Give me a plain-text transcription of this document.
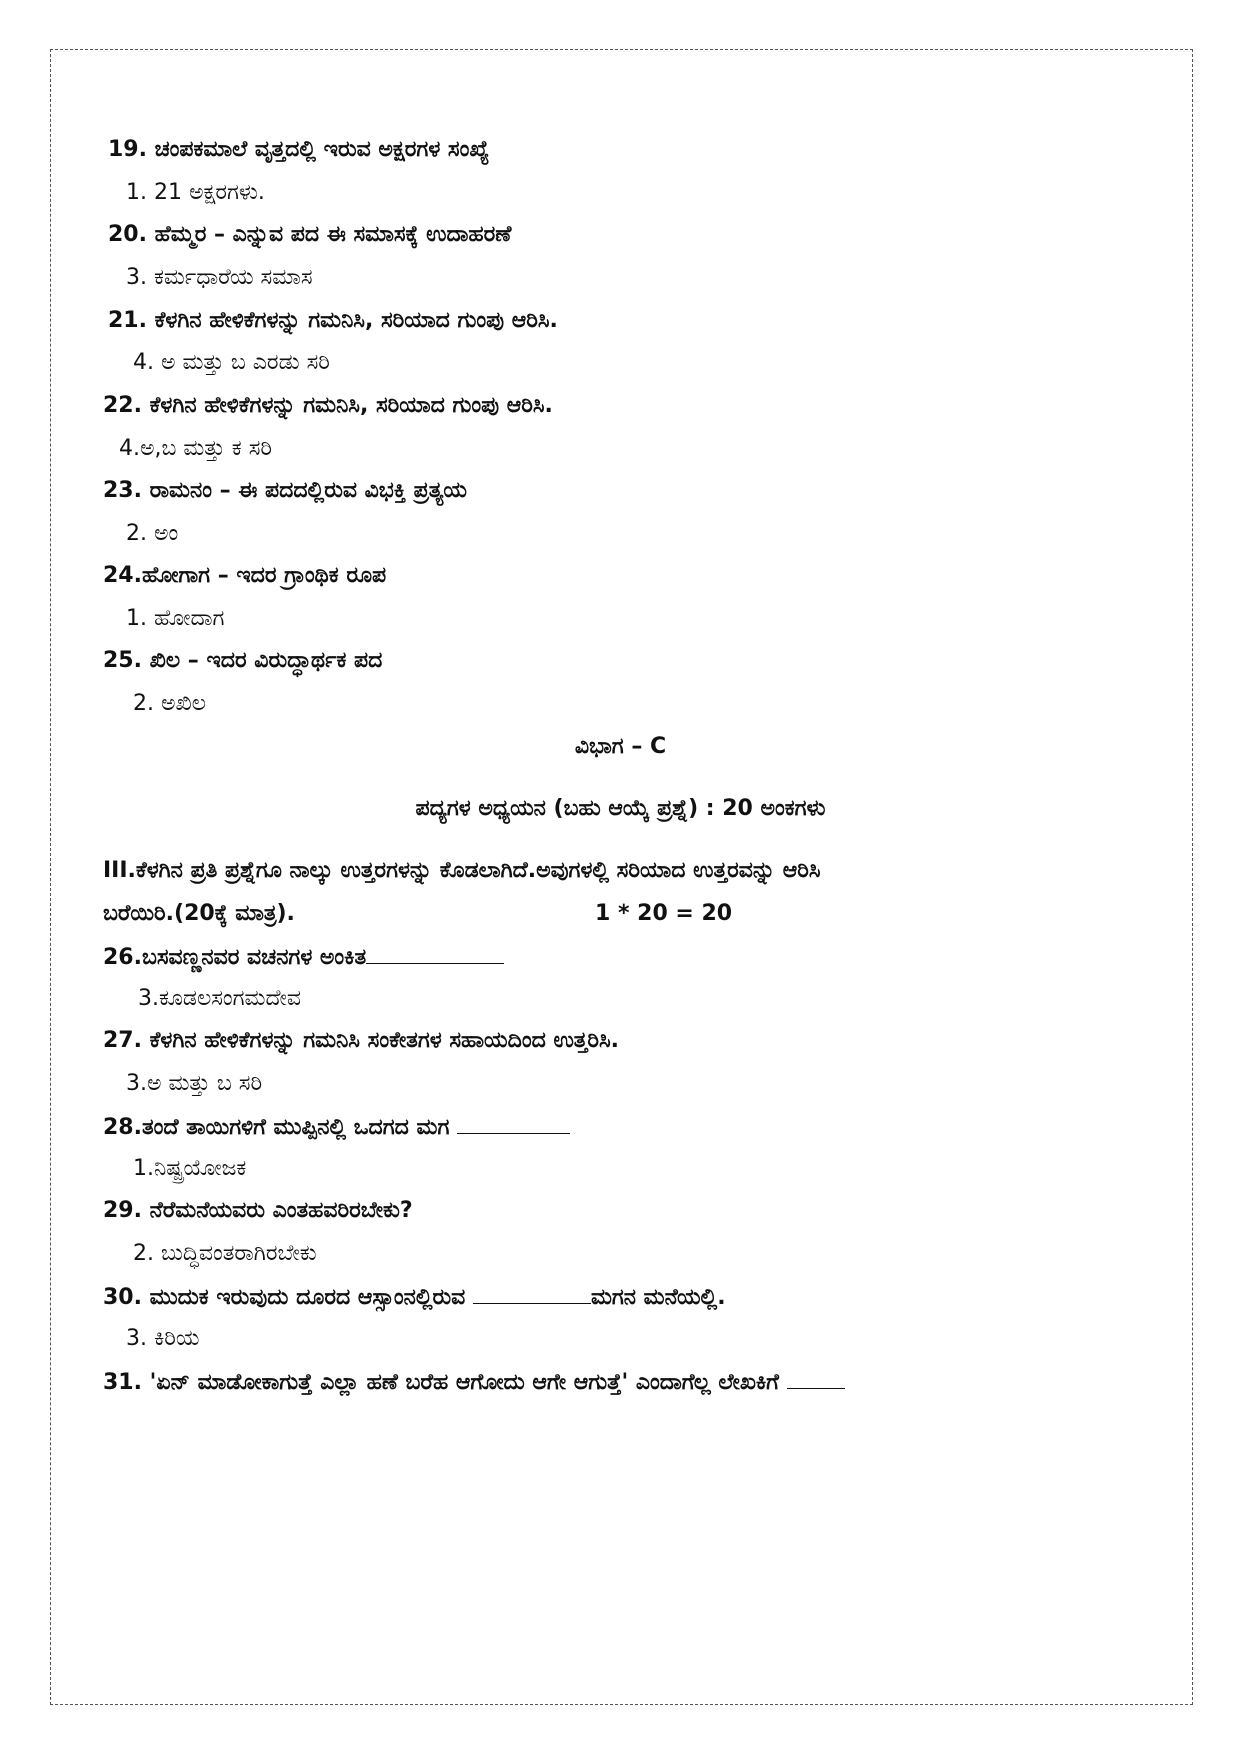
19. ಚಂಪಕಮಾಲೆ ವೃತ್ತದಲ್ಲಿ ಇರುವ ಅಕ್ಷರಗಳ ಸಂಖ್ಯೆ
1. 21 ಅಕ್ಷರಗಳು.
20. ಹೆಮ್ಮರ – ಎನ್ನುವ ಪದ ಈ ಸಮಾಸಕ್ಕೆ ಉದಾಹರಣೆ
3. ಕರ್ಮಧಾರೆಯ ಸಮಾಸ
21. ಕೆಳಗಿನ ಹೇಳಿಕೆಗಳನ್ನು ಗಮನಿಸಿ, ಸರಿಯಾದ ಗುಂಪು ಆರಿಸಿ.
4. ಅ ಮತ್ತು ಬ ಎರಡು ಸರಿ
22. ಕೆಳಗಿನ ಹೇಳಿಕೆಗಳನ್ನು ಗಮನಿಸಿ, ಸರಿಯಾದ ಗುಂಪು ಆರಿಸಿ.
4.ಅ,ಬ ಮತ್ತು ಕ ಸರಿ
23. ರಾಮನಂ – ಈ ಪದದಲ್ಲಿರುವ ವಿಭಕ್ತಿ ಪ್ರತ್ಯಯ
2. ಅಂ
24.ಹೋಗಾಗ – ಇದರ ಗ್ರಾಂಥಿಕ ರೂಪ
1. ಹೋದಾಗ
25. ಖಿಲ – ಇದರ ವಿರುದ್ಧಾರ್ಥಕ ಪದ
2. ಅಖಿಲ
ವಿಭಾಗ – C
ಪದ್ಯಗಳ ಅಧ್ಯಯನ (ಬಹು ಆಯ್ಕೆ ಪ್ರಶ್ನೆ) : 20 ಅಂಕಗಳು
III.ಕೆಳಗಿನ ಪ್ರತಿ ಪ್ರಶ್ನೆಗೂ ನಾಲ್ಕು ಉತ್ತರಗಳನ್ನು ಕೊಡಲಾಗಿದೆ.ಅವುಗಳಲ್ಲಿ ಸರಿಯಾದ ಉತ್ತರವನ್ನು ಆರಿಸಿ
ಬರೆಯಿರಿ.(20ಕ್ಕೆ ಮಾತ್ರ).	1 * 20 = 20
26.ಬಸವಣ್ಣನವರ ವಚನಗಳ ಅಂಕಿತ
3.ಕೂಡಲಸಂಗಮದೇವ
27. ಕೆಳಗಿನ ಹೇಳಿಕೆಗಳನ್ನು ಗಮನಿಸಿ ಸಂಕೇತಗಳ ಸಹಾಯದಿಂದ ಉತ್ತರಿಸಿ.
3.ಅ ಮತ್ತು ಬ ಸರಿ
28.ತಂದೆ ತಾಯಿಗಳಿಗೆ ಮುಪ್ಪಿನಲ್ಲಿ ಒದಗದ ಮಗ
1.ನಿಷ್ಪ್ರಯೋಜಕ
29. ನೆರೆಮನೆಯವರು ಎಂತಹವರಿರಬೇಕು?
2. ಬುದ್ಧಿವಂತರಾಗಿರಬೇಕು
30. ಮುದುಕ ಇರುವುದು ದೂರದ ಆಸ್ಸಾಂನಲ್ಲಿರುವ	ಮಗನ ಮನೆಯಲ್ಲಿ.
3. ಕಿರಿಯ
31. 'ಏನ್ ಮಾಡೋಕಾಗುತ್ತೆ ಎಲ್ಲಾ ಹಣೆ ಬರೆಹ ಆಗೋದು ಆಗೇ ಆಗುತ್ತೆ' ಎಂದಾಗೆಲ್ಲ ಲೇಖಕಿಗೆ
